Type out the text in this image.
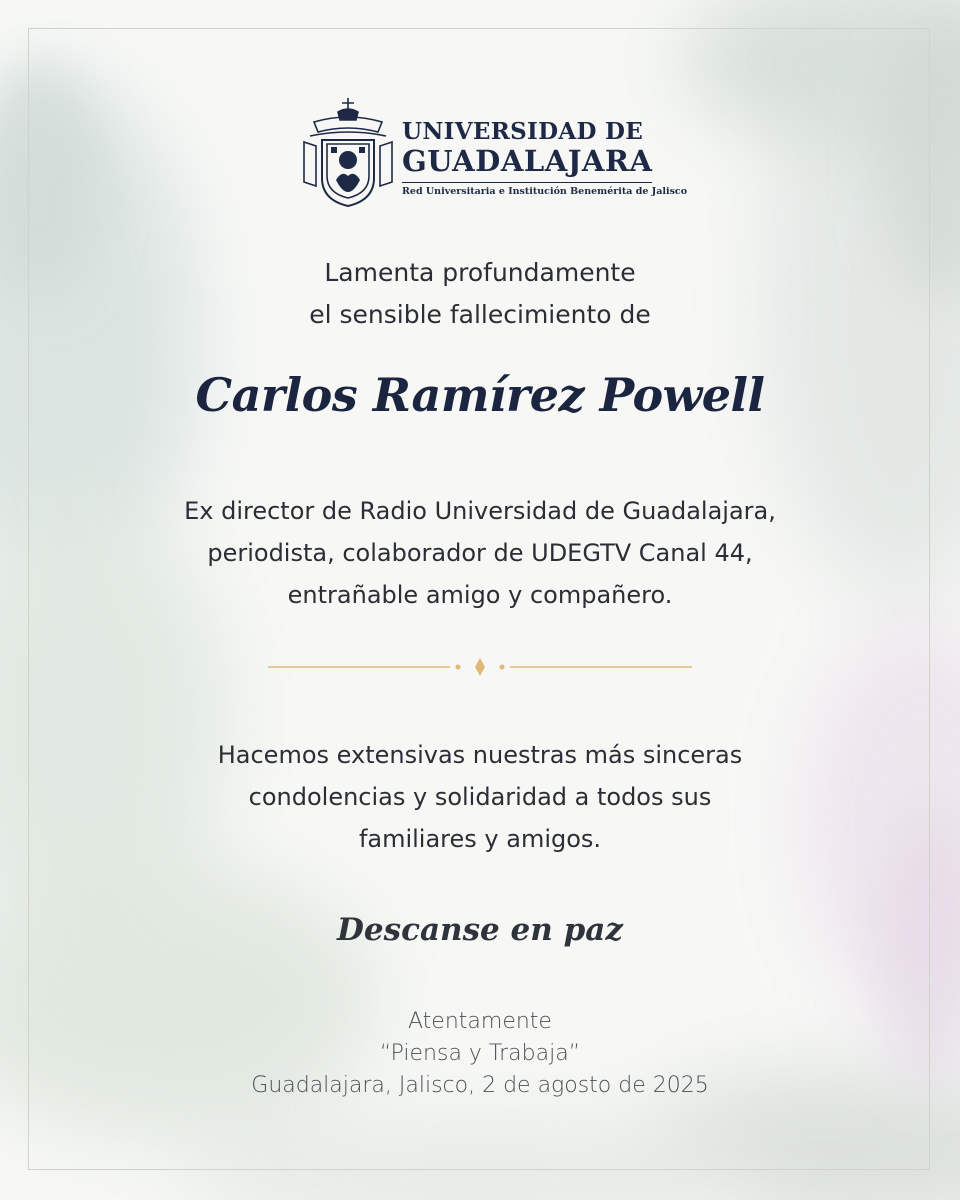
UNIVERSIDAD DE

GUADALAJARA

Red Universitaria e Institución Benemérita de Jalisco

Lamenta profundamente
el sensible fallecimiento de

Carlos Ramírez Powell

Ex director de Radio Universidad de Guadalajara,
periodista, colaborador de UDEGTV Canal 44,
entrañable amigo y compañero.
Hacemos extensivas nuestras más sinceras
condolencias y solidaridad a todos sus
familiares y amigos.

Descanse en paz

Atentamente
“Piensa y Trabaja”
Guadalajara, Jalisco, 2 de agosto de 2025
